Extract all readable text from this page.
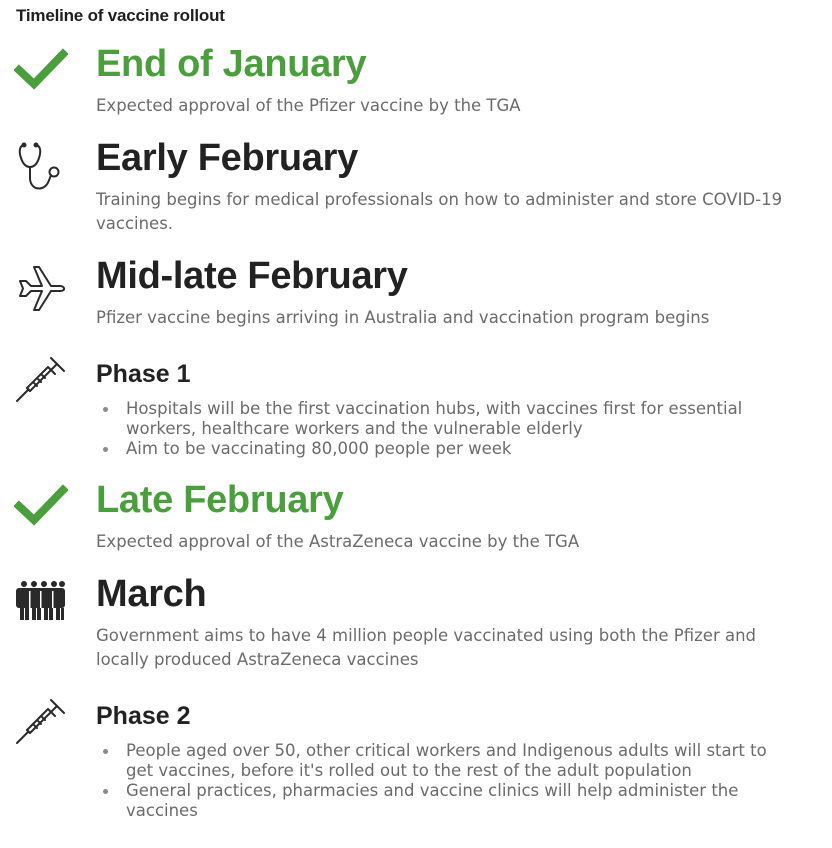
Timeline of vaccine rollout
End of January

Expected approval of the Pfizer vaccine by the TGA

Early February

Training begins for medical professionals on how to administer and store COVID-19 vaccines.

Mid-late February

Pfizer vaccine begins arriving in Australia and vaccination program begins

Phase 1
Hospitals will be the first vaccination hubs, with vaccines first for essential workers, healthcare workers and the vulnerable elderly
Aim to be vaccinating 80,000 people per week
Late February

Expected approval of the AstraZeneca vaccine by the TGA

March

Government aims to have 4 million people vaccinated using both the Pfizer and locally produced AstraZeneca vaccines

Phase 2
People aged over 50, other critical workers and Indigenous adults will start to get vaccines, before it's rolled out to the rest of the adult population
General practices, pharmacies and vaccine clinics will help administer the vaccines
